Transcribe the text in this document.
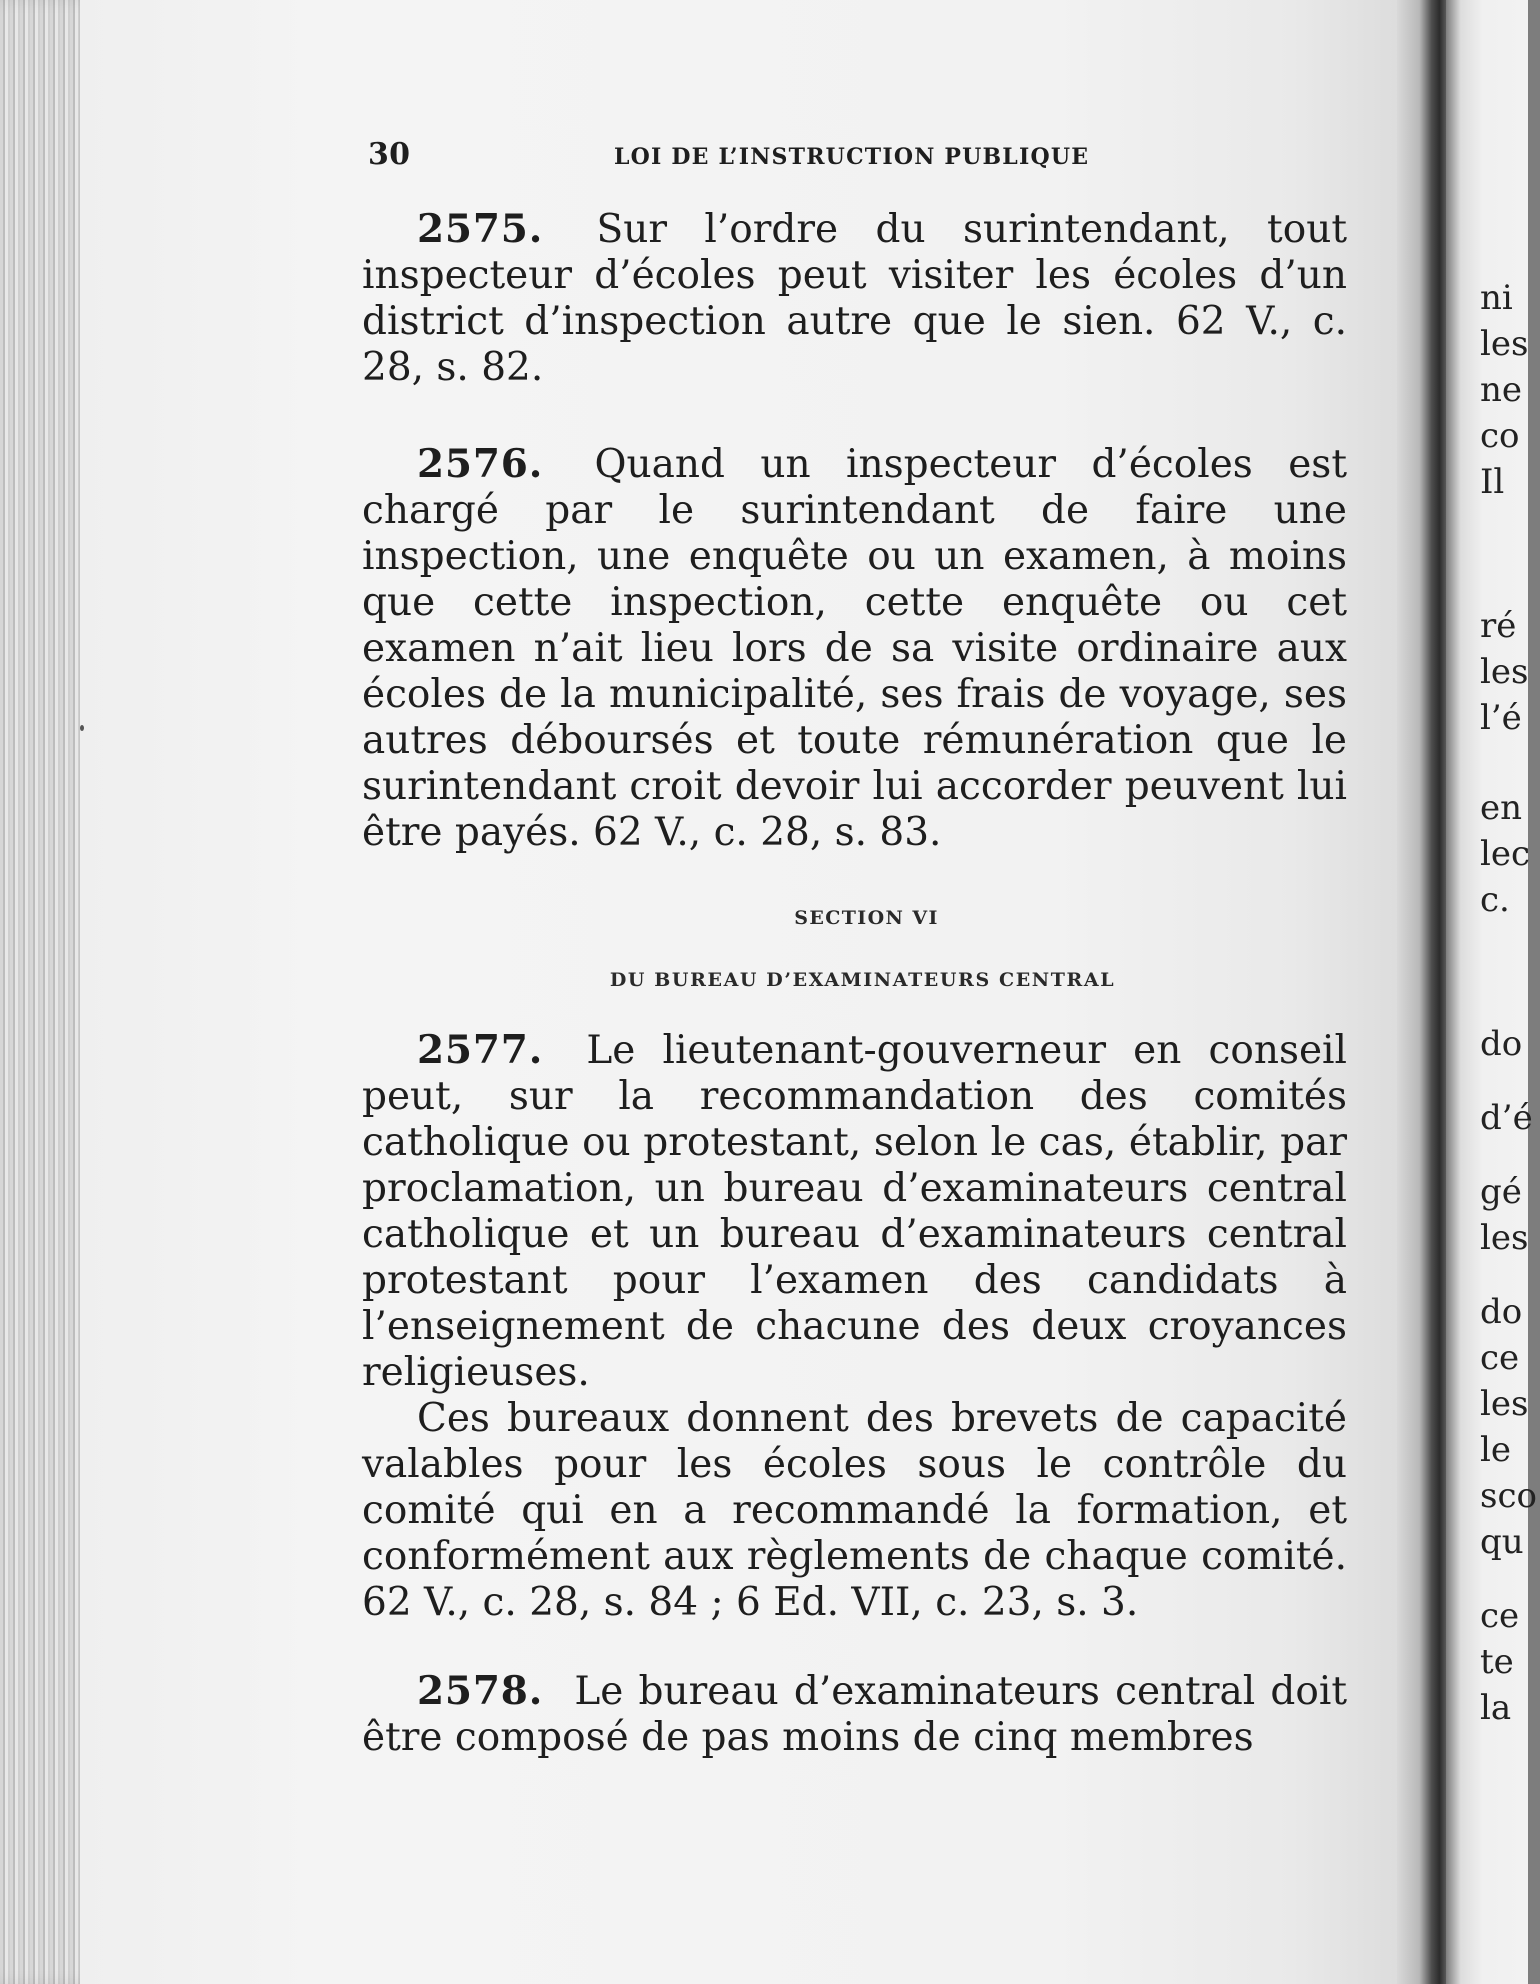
30	LOI DE L’INSTRUCTION PUBLIQUE

2575. Sur l’ordre du surintendant, tout inspecteur d’écoles peut visiter les écoles d’un district d’inspection autre que le sien. 62 V., c. 28, s. 82.

2576. Quand un inspecteur d’écoles est chargé par le surintendant de faire une inspection, une enquête ou un examen, à moins que cette inspection, cette enquête ou cet examen n’ait lieu lors de sa visite ordinaire aux écoles de la municipalité, ses frais de voyage, ses autres déboursés et toute rémunération que le surintendant croit devoir lui accorder peuvent lui être payés. 62 V., c. 28, s. 83.

SECTION VI
DU BUREAU D’EXAMINATEURS CENTRAL

2577. Le lieutenant-gouverneur en conseil peut, sur la recommandation des comités catholique ou protestant, selon le cas, établir, par proclamation, un bureau d’examinateurs central catholique et un bureau d’examinateurs central protestant pour l’examen des candidats à l’enseignement de chacune des deux croyances religieuses.

Ces bureaux donnent des brevets de capacité valables pour les écoles sous le contrôle du comité qui en a recommandé la formation, et conformément aux règlements de chaque comité. 62 V., c. 28, s. 84 ; 6 Ed. VII, c. 23, s. 3.

2578. Le bureau d’examinateurs central doit être composé de pas moins de cinq membres

ni
les
ne
co
Il
ré
les
l’é
en
lec
c.
do
d’é
gé
les
do
ce
les
le
sco
qu
ce
te
la
